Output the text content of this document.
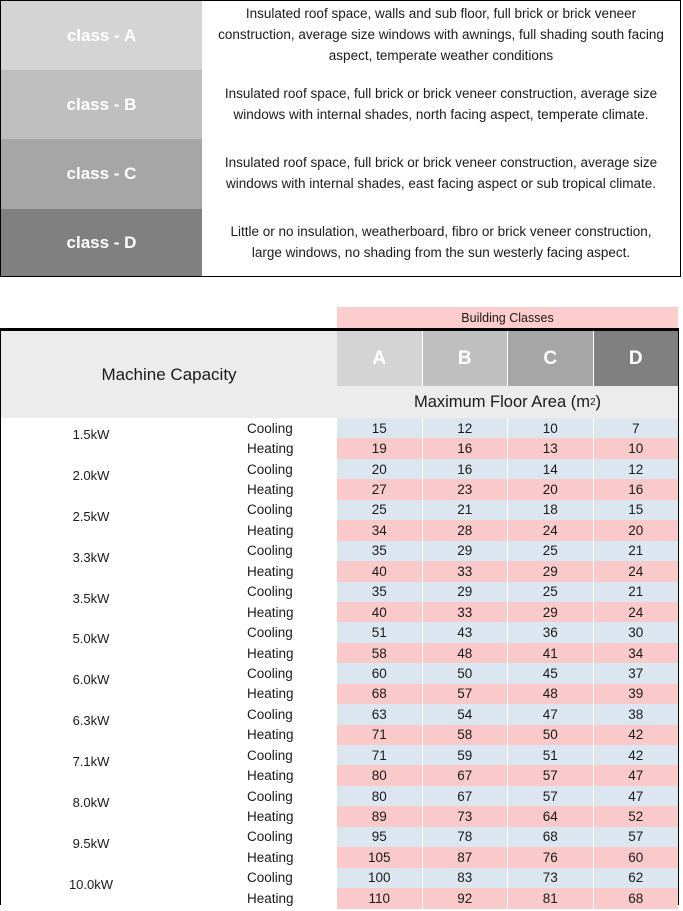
class - A
Insulated roof space, walls and sub floor, full brick or brick veneer construction, average size windows with awnings, full shading south facing aspect, temperate weather conditions
class - B
Insulated roof space, full brick or brick veneer construction, average size windows with internal shades, north facing aspect, temperate climate.
class - C
Insulated roof space, full brick or brick veneer construction, average size windows with internal shades, east facing aspect or sub tropical climate.
class - D
Little or no insulation, weatherboard, fibro or brick veneer construction, large windows, no shading from the sun westerly facing aspect.
Building Classes
Machine Capacity
A	B	C	D
Maximum Floor Area (m 2 )
1.5kW	Cooling	15	12	10	7
Heating	19	16	13	10
2.0kW	Cooling	20	16	14	12
Heating	27	23	20	16
2.5kW	Cooling	25	21	18	15
Heating	34	28	24	20
3.3kW	Cooling	35	29	25	21
Heating	40	33	29	24
3.5kW	Cooling	35	29	25	21
Heating	40	33	29	24
5.0kW	Cooling	51	43	36	30
Heating	58	48	41	34
6.0kW	Cooling	60	50	45	37
Heating	68	57	48	39
6.3kW	Cooling	63	54	47	38
Heating	71	58	50	42
7.1kW	Cooling	71	59	51	42
Heating	80	67	57	47
8.0kW	Cooling	80	67	57	47
Heating	89	73	64	52
9.5kW	Cooling	95	78	68	57
Heating	105	87	76	60
10.0kW	Cooling	100	83	73	62
Heating	110	92	81	68
